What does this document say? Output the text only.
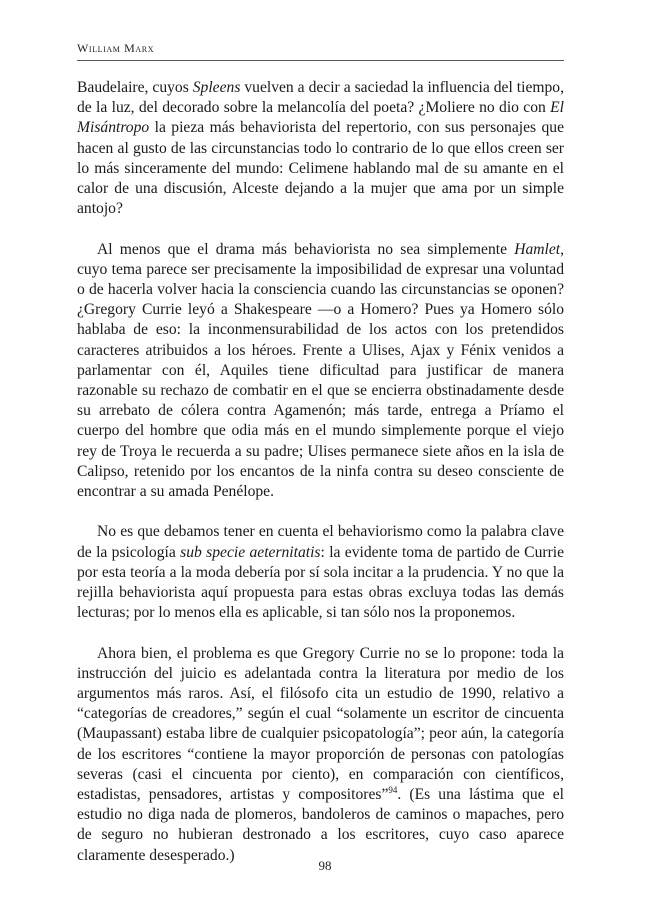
William Marx

Baudelaire, cuyos Spleens vuelven a decir a saciedad la influencia del tiempo, de la luz, del decorado sobre la melancolía del poeta? ¿Moliere no dio con El Misántropo la pieza más behaviorista del repertorio, con sus personajes que hacen al gusto de las circunstancias todo lo contrario de lo que ellos creen ser lo más sinceramente del mundo: Celimene hablando mal de su amante en el calor de una discusión, Alceste dejando a la mujer que ama por un simple antojo?

Al menos que el drama más behaviorista no sea simplemente Hamlet, cuyo tema parece ser precisamente la imposibilidad de expresar una voluntad o de hacerla volver hacia la consciencia cuando las circunstancias se oponen? ¿Gregory Currie leyó a Shakespeare —o a Homero? Pues ya Homero sólo hablaba de eso: la inconmensurabilidad de los actos con los pretendidos caracteres atribuidos a los héroes. Frente a Ulises, Ajax y Fénix venidos a parlamentar con él, Aquiles tiene dificultad para justificar de manera razonable su rechazo de combatir en el que se encierra obstinadamente desde su arrebato de cólera contra Agamenón; más tarde, entrega a Príamo el cuerpo del hombre que odia más en el mundo simplemente porque el viejo rey de Troya le recuerda a su padre; Ulises permanece siete años en la isla de Calipso, retenido por los encantos de la ninfa contra su deseo consciente de encontrar a su amada Penélope.

No es que debamos tener en cuenta el behaviorismo como la palabra clave de la psicología sub specie aeternitatis: la evidente toma de partido de Currie por esta teoría a la moda debería por sí sola incitar a la prudencia. Y no que la rejilla behaviorista aquí propuesta para estas obras excluya todas las demás lecturas; por lo menos ella es aplicable, si tan sólo nos la proponemos.

Ahora bien, el problema es que Gregory Currie no se lo propone: toda la instrucción del juicio es adelantada contra la literatura por medio de los argumentos más raros. Así, el filósofo cita un estudio de 1990, relativo a “categorías de creadores,” según el cual “solamente un escritor de cincuenta (Maupassant) estaba libre de cualquier psicopatología”; peor aún, la categoría de los escritores “contiene la mayor proporción de personas con patologías severas (casi el cincuenta por ciento), en comparación con científicos, estadistas, pensadores, artistas y compositores”$^{94}$. (Es una lástima que el estudio no diga nada de plomeros, bandoleros de caminos o mapaches, pero de seguro no hubieran destronado a los escritores, cuyo caso aparece claramente desesperado.)

98
